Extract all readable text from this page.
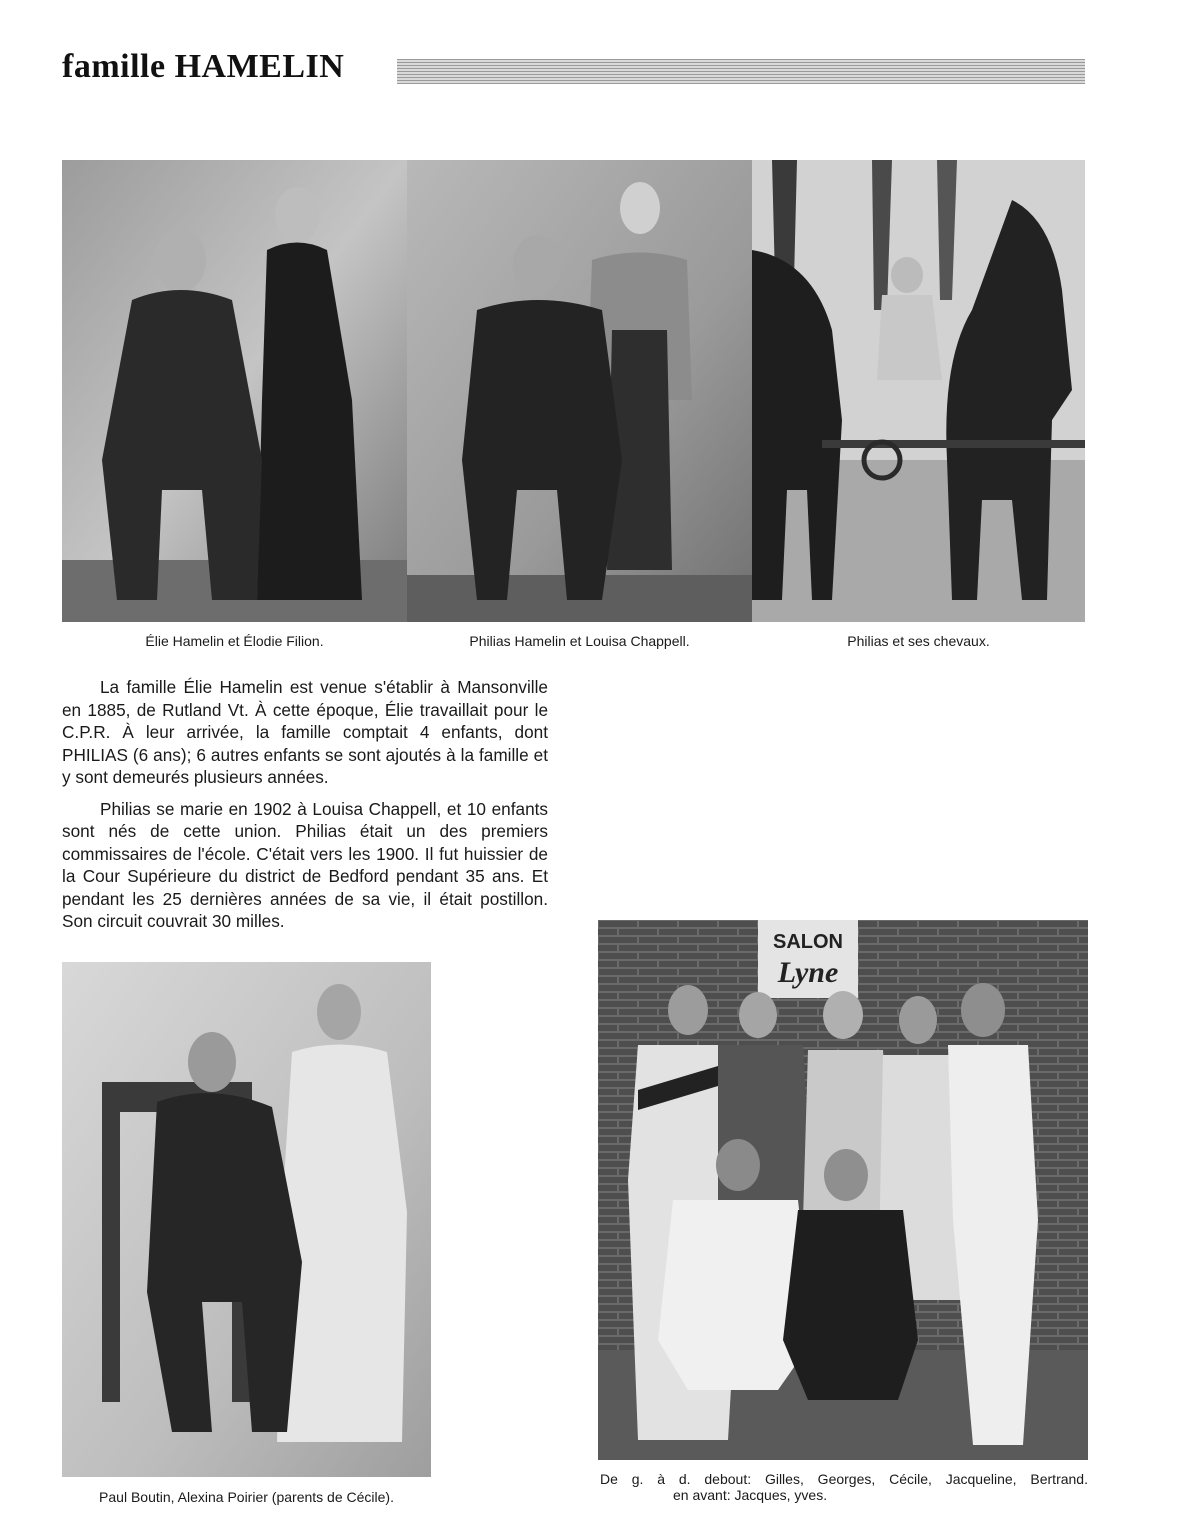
famille HAMELIN
Élie Hamelin et Élodie Filion.	Philias Hamelin et Louisa Chappell.	Philias et ses chevaux.

La famille Élie Hamelin est venue s'établir à Mansonville en 1885, de Rutland Vt. À cette époque, Élie travaillait pour le C.P.R. À leur arrivée, la famille comptait 4 enfants, dont PHILIAS (6 ans); 6 autres enfants se sont ajoutés à la famille et y sont demeurés plusieurs années.

Philias se marie en 1902 à Louisa Chappell, et 10 enfants sont nés de cette union. Philias était un des premiers commissaires de l'école. C'était vers les 1900. Il fut huissier de la Cour Supérieure du district de Bedford pendant 35 ans. Et pendant les 25 dernières années de sa vie, il était postillon. Son circuit couvrait 30 milles.

Paul Boutin, Alexina Poirier (parents de Cécile).
SALON
Lyne
De g. à d. debout: Gilles, Georges, Cécile, Jacqueline, Bertrand.
en avant: Jacques, yves.
